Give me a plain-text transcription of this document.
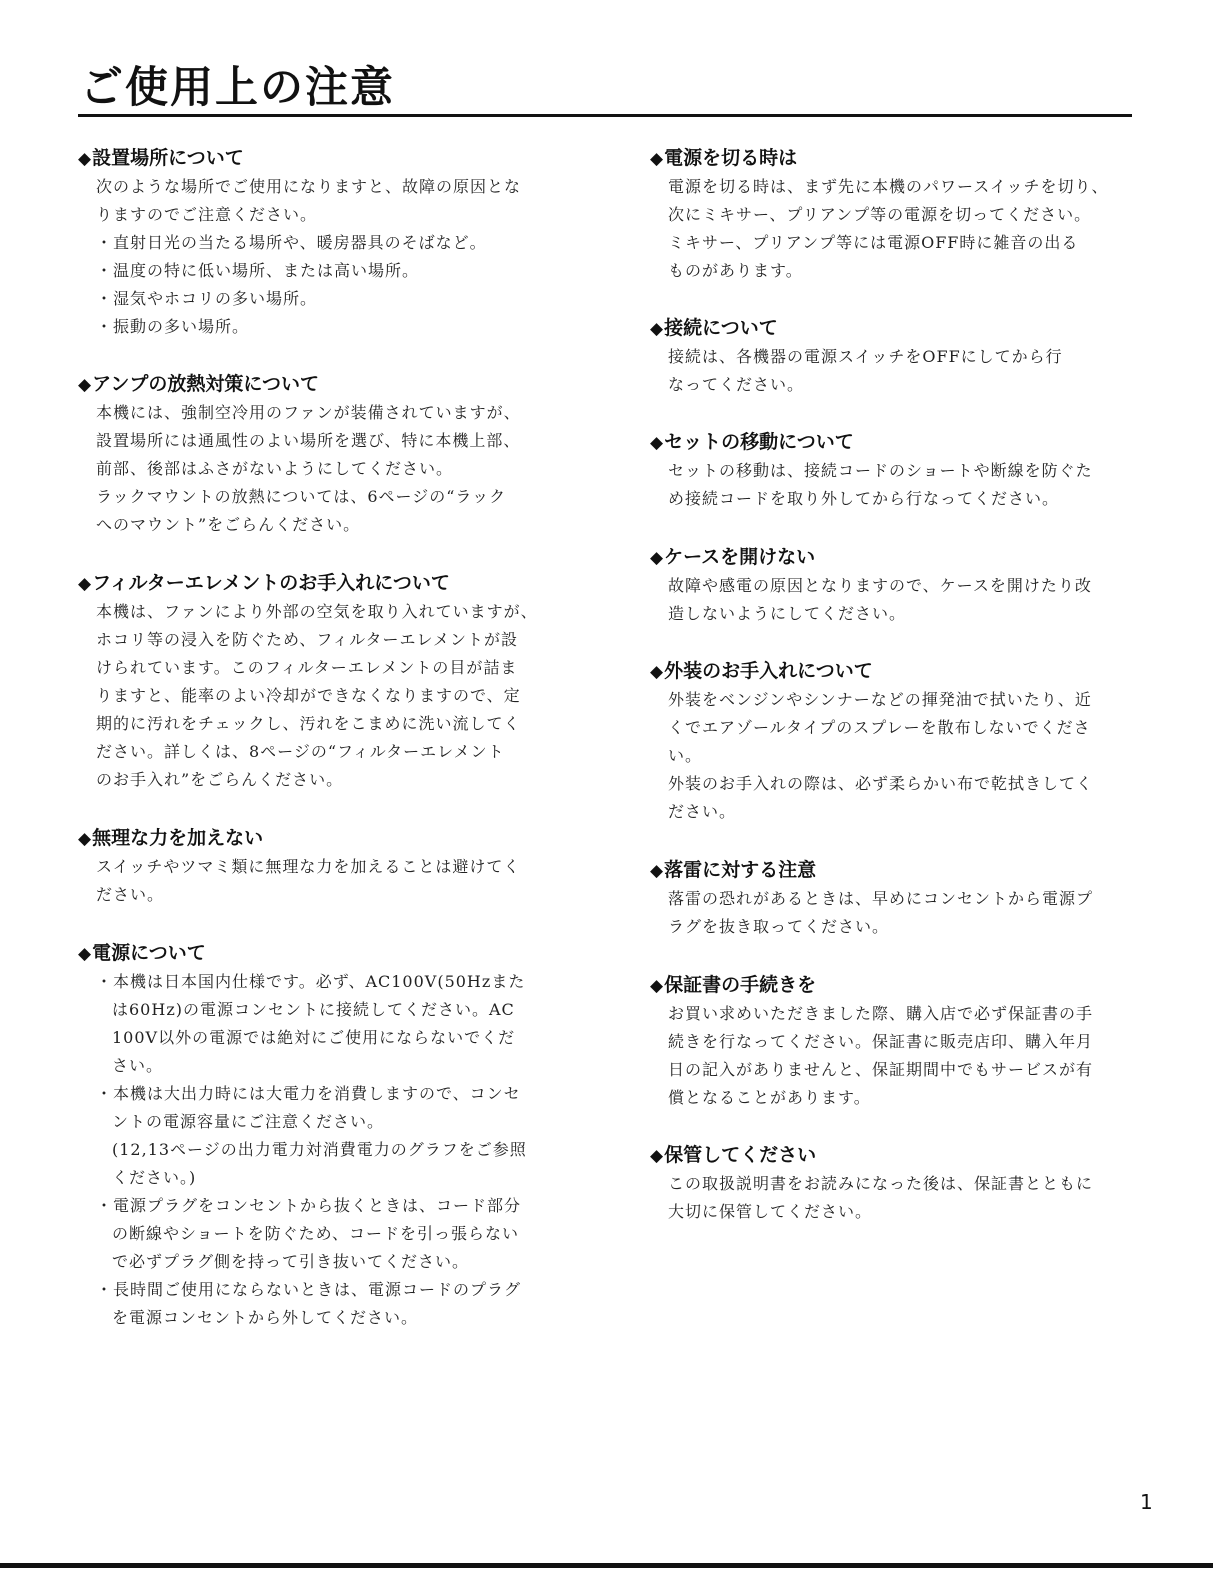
ご使用上の注意
◆設置場所について

次のような場所でご使用になりますと、故障の原因とな

りますのでご注意ください。

・直射日光の当たる場所や、暖房器具のそばなど。

・温度の特に低い場所、または高い場所。

・湿気やホコリの多い場所。

・振動の多い場所。

◆アンプの放熱対策について

本機には、強制空冷用のファンが装備されていますが、

設置場所には通風性のよい場所を選び、特に本機上部、

前部、後部はふさがないようにしてください。

ラックマウントの放熱については、6ページの“ラック

へのマウント”をごらんください。

◆フィルターエレメントのお手入れについて

本機は、ファンにより外部の空気を取り入れていますが、

ホコリ等の浸入を防ぐため、フィルターエレメントが設

けられています。このフィルターエレメントの目が詰ま

りますと、能率のよい冷却ができなくなりますので、定

期的に汚れをチェックし、汚れをこまめに洗い流してく

ださい。詳しくは、8ページの“フィルターエレメント

のお手入れ”をごらんください。

◆無理な力を加えない

スイッチやツマミ類に無理な力を加えることは避けてく

ださい。

◆電源について

・本機は日本国内仕様です。必ず、AC100V(50Hzまた

は60Hz)の電源コンセントに接続してください。AC

100V以外の電源では絶対にご使用にならないでくだ

さい。

・本機は大出力時には大電力を消費しますので、コンセ

ントの電源容量にご注意ください。

(12,13ページの出力電力対消費電力のグラフをご参照

ください。)

・電源プラグをコンセントから抜くときは、コード部分

の断線やショートを防ぐため、コードを引っ張らない

で必ずプラグ側を持って引き抜いてください。

・長時間ご使用にならないときは、電源コードのプラグ

を電源コンセントから外してください。

◆電源を切る時は

電源を切る時は、まず先に本機のパワースイッチを切り、

次にミキサー、プリアンプ等の電源を切ってください。

ミキサー、プリアンプ等には電源OFF時に雑音の出る

ものがあります。

◆接続について

接続は、各機器の電源スイッチをOFFにしてから行

なってください。

◆セットの移動について

セットの移動は、接続コードのショートや断線を防ぐた

め接続コードを取り外してから行なってください。

◆ケースを開けない

故障や感電の原因となりますので、ケースを開けたり改

造しないようにしてください。

◆外装のお手入れについて

外装をベンジンやシンナーなどの揮発油で拭いたり、近

くでエアゾールタイプのスプレーを散布しないでくださ

い。

外装のお手入れの際は、必ず柔らかい布で乾拭きしてく

ださい。

◆落雷に対する注意

落雷の恐れがあるときは、早めにコンセントから電源プ

ラグを抜き取ってください。

◆保証書の手続きを

お買い求めいただきました際、購入店で必ず保証書の手

続きを行なってください。保証書に販売店印、購入年月

日の記入がありませんと、保証期間中でもサービスが有

償となることがあります。

◆保管してください

この取扱説明書をお読みになった後は、保証書とともに

大切に保管してください。

1
